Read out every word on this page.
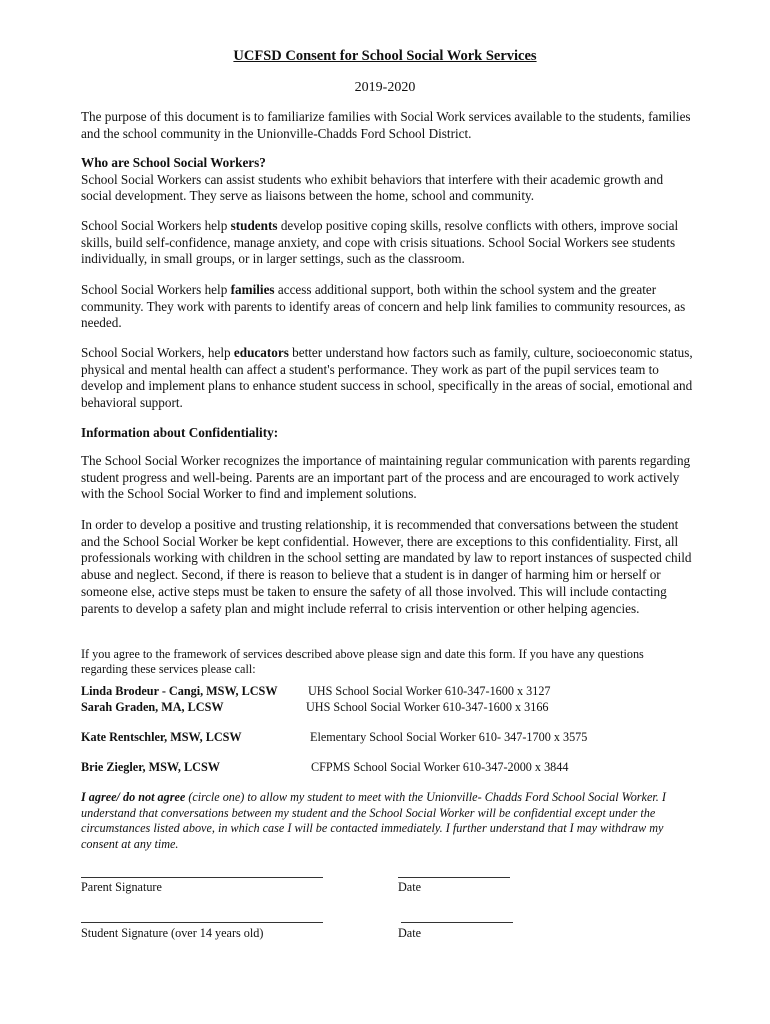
UCFSD Consent for School Social Work Services

2019-2020

The purpose of this document is to familiarize families with Social Work services available to the students, families and the school community in the Unionville-Chadds Ford School District.

Who are School Social Workers?
School Social Workers can assist students who exhibit behaviors that interfere with their academic growth and social development. They serve as liaisons between the home, school and community.

School Social Workers help students develop positive coping skills, resolve conflicts with others, improve social skills, build self-confidence, manage anxiety, and cope with crisis situations. School Social Workers see students individually, in small groups, or in larger settings, such as the classroom.

School Social Workers help families access additional support, both within the school system and the greater community. They work with parents to identify areas of concern and help link families to community resources, as needed.

School Social Workers, help educators better understand how factors such as family, culture, socioeconomic status, physical and mental health can affect a student's performance. They work as part of the pupil services team to develop and implement plans to enhance student success in school, specifically in the areas of social, emotional and behavioral support.

Information about Confidentiality:

The School Social Worker recognizes the importance of maintaining regular communication with parents regarding student progress and well-being. Parents are an important part of the process and are encouraged to work actively with the School Social Worker to find and implement solutions.

In order to develop a positive and trusting relationship, it is recommended that conversations between the student and the School Social Worker be kept confidential. However, there are exceptions to this confidentiality. First, all professionals working with children in the school setting are mandated by law to report instances of suspected child abuse and neglect. Second, if there is reason to believe that a student is in danger of harming him or herself or someone else, active steps must be taken to ensure the safety of all those involved. This will include contacting parents to develop a safety plan and might include referral to crisis intervention or other helping agencies.

If you agree to the framework of services described above please sign and date this form. If you have any questions regarding these services please call:

Linda Brodeur - Cangi, MSW, LCSW UHS School Social Worker 610-347-1600 x 3127
Sarah Graden, MA, LCSW	UHS School Social Worker 610-347-1600 x 3166
Kate Rentschler, MSW, LCSW	Elementary School Social Worker 610- 347-1700 x 3575
Brie Ziegler, MSW, LCSW	CFPMS School Social Worker 610-347-2000 x 3844

I agree/ do not agree (circle one) to allow my student to meet with the Unionville- Chadds Ford School Social Worker. I understand that conversations between my student and the School Social Worker will be confidential except under the circumstances listed above, in which case I will be contacted immediately. I further understand that I may withdraw my consent at any time.

Parent Signature	Date
Student Signature (over 14 years old)	Date
